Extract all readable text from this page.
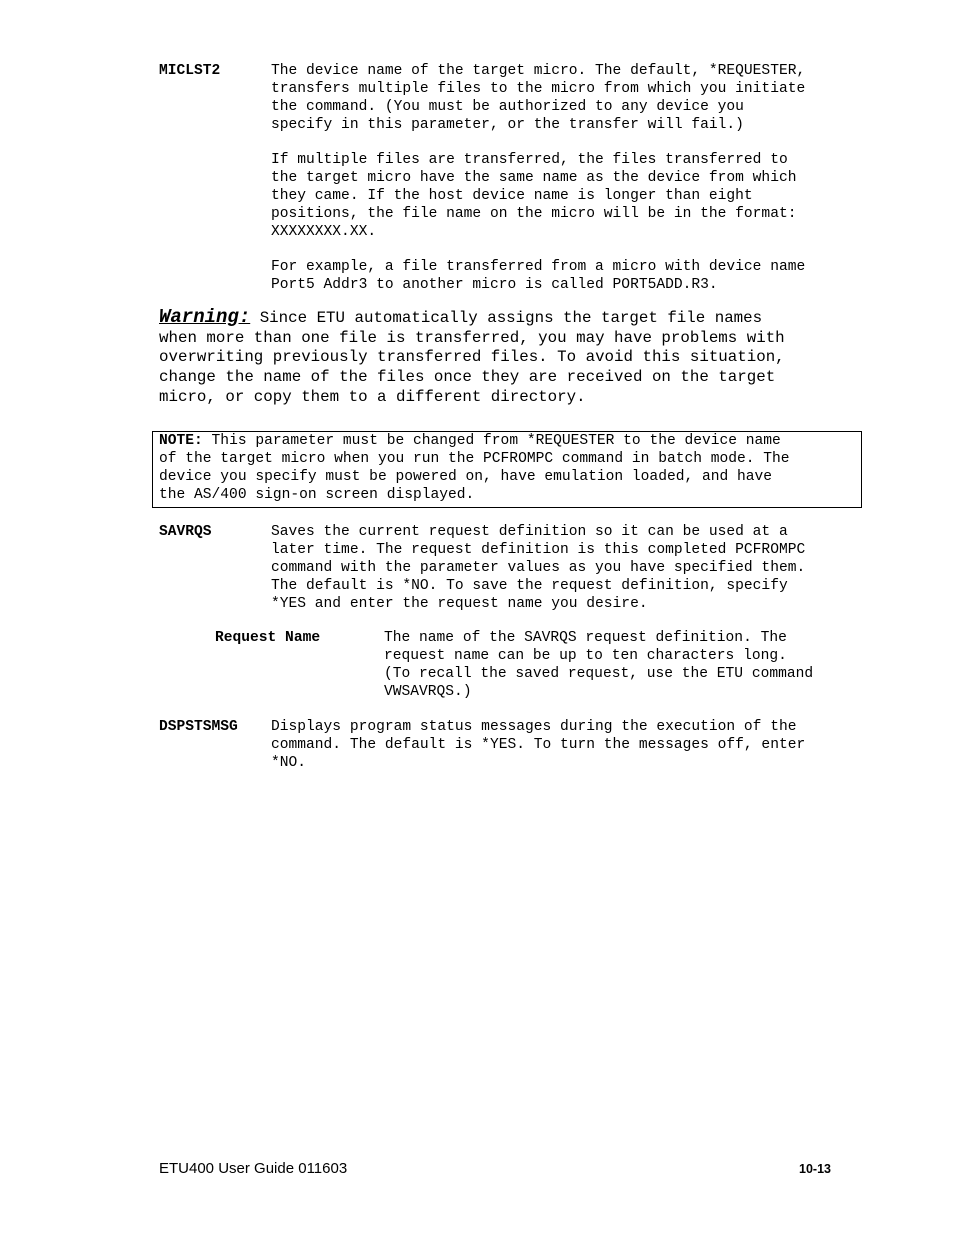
MICLST2	The device name of the target micro. The default, *REQUESTER,
transfers multiple files to the micro from which you initiate
the command. (You must be authorized to any device you
specify in this parameter, or the transfer will fail.)

If multiple files are transferred, the files transferred to
the target micro have the same name as the device from which
they came. If the host device name is longer than eight
positions, the file name on the micro will be in the format:
XXXXXXXX.XX.

For example, a file transferred from a micro with device name
Port5 Addr3 to another micro is called PORT5ADD.R3.

Warning: Since ETU automatically assigns the target file names
when more than one file is transferred, you may have problems with
overwriting previously transferred files. To avoid this situation,
change the name of the files once they are received on the target
micro, or copy them to a different directory.
NOTE: This parameter must be changed from *REQUESTER to the device name
of the target micro when you run the PCFROMPC command in batch mode. The
device you specify must be powered on, have emulation loaded, and have
the AS/400 sign-on screen displayed.
SAVRQS	Saves the current request definition so it can be used at a
later time. The request definition is this completed PCFROMPC
command with the parameter values as you have specified them.
The default is *NO. To save the request definition, specify
*YES and enter the request name you desire.

Request Name	The name of the SAVRQS request definition. The
request name can be up to ten characters long.
(To recall the saved request, use the ETU command
VWSAVRQS.)

DSPSTSMSG Displays program status messages during the execution of the
command. The default is *YES. To turn the messages off, enter
*NO.

ETU400 User Guide 011603	10-13
